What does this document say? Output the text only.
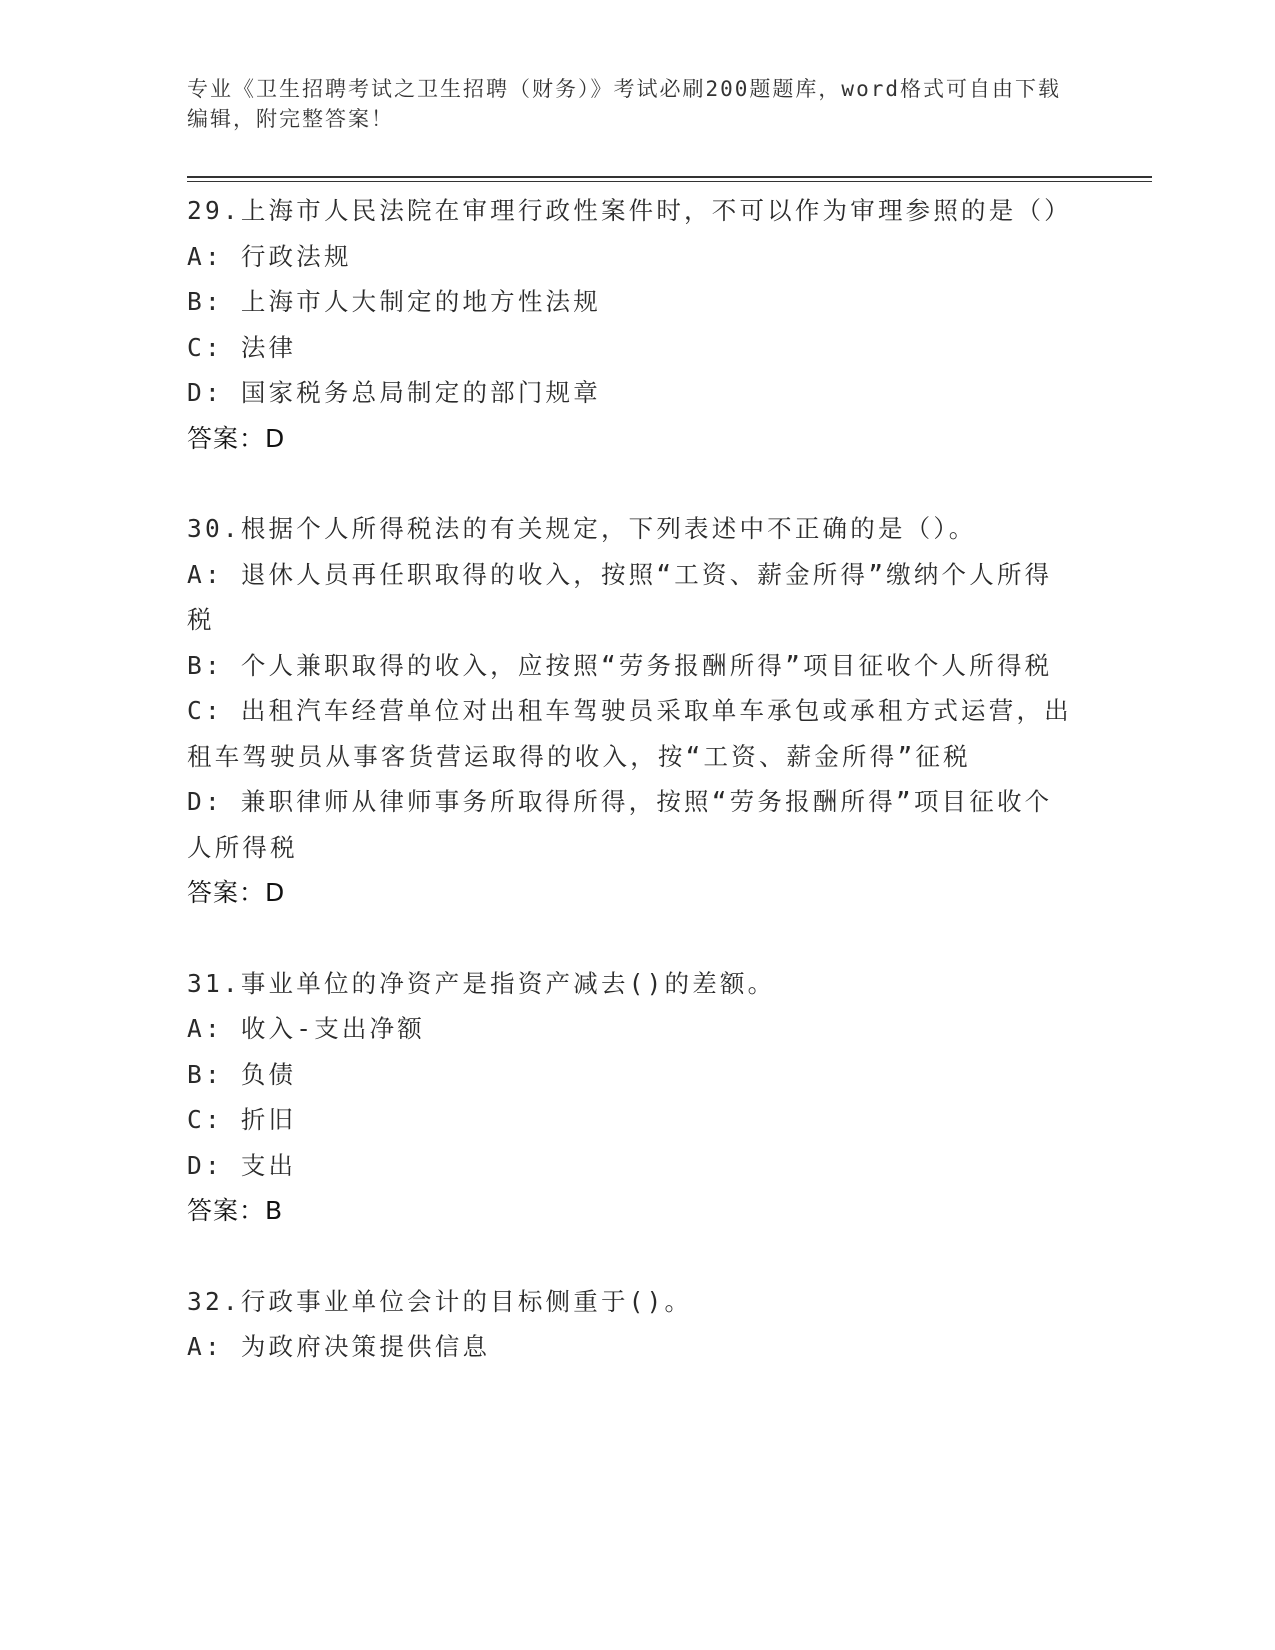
专业《卫生招聘考试之卫生招聘（财务）》考试必刷200题题库，word格式可自由下载编辑，附完整答案！
29.上海市人民法院在审理行政性案件时，不可以作为审理参照的是（）
A: 行政法规
B: 上海市人大制定的地方性法规
C: 法律
D: 国家税务总局制定的部门规章
答案：D
30.根据个人所得税法的有关规定，下列表述中不正确的是（）。
A: 退休人员再任职取得的收入，按照“工资、薪金所得”缴纳个人所得税
B: 个人兼职取得的收入，应按照“劳务报酬所得”项目征收个人所得税
C: 出租汽车经营单位对出租车驾驶员采取单车承包或承租方式运营，出租车驾驶员从事客货营运取得的收入，按“工资、薪金所得”征税
D: 兼职律师从律师事务所取得所得，按照“劳务报酬所得”项目征收个人所得税
答案：D
31.事业单位的净资产是指资产减去()的差额。
A: 收入-支出净额
B: 负债
C: 折旧
D: 支出
答案：B
32.行政事业单位会计的目标侧重于()。
A: 为政府决策提供信息
